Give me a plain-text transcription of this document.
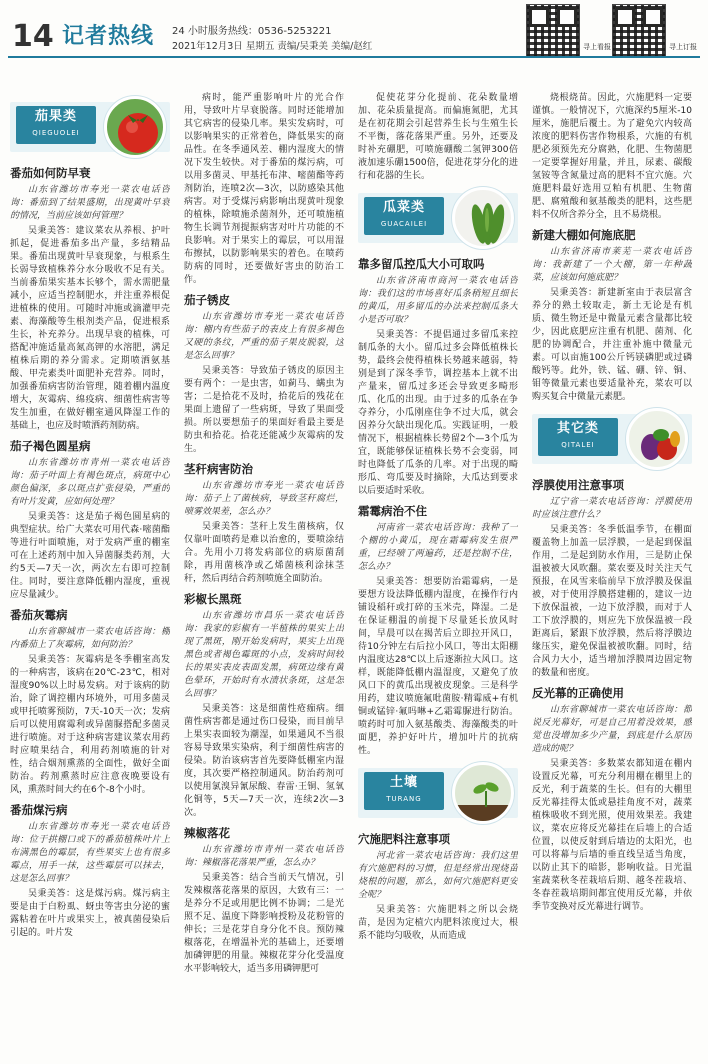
14 记者热线 24 小时服务热线：0536-5253221
2021年12月3日 星期五 责编/吴秉美 美编/赵红	寻上看报	寻上订报
茄果类
QIEGUOLEI
番茄如何防早衰

山东省潍坊市寿光一菜农电话咨询：番茄到了结果盛期，出现黄叶早衰的情况，当前应该如何管理？

吴秉美答：建议菜农从养根、护叶抓起，促进番茄多出产量，多结精品果。番茄出现黄叶早衰现象，与根系生长弱导致植株养分水分吸收不足有关。当前番茄果实基本长够个，需水需肥量减小，应适当控制肥水，并注重养根促进植株的使用。可随时冲施或滴灌甲壳素、海藻酸等生根剂类产品，促进根系生长，补充养分。出现早衰的植株，可搭配冲施适量高氮高钾的水溶肥，满足植株后期的养分需求。定期喷洒氨基酸、甲壳素类叶面肥补充营养。同时，加强番茄病害防治管理，随着棚内温度增大，灰霉病、绵疫病、细菌性病害等发生加重，在做好棚室通风降湿工作的基础上，也应及时喷洒药剂防病。

茄子褐色圆星病

山东省潍坊市青州一菜农电话咨询：茄子叶面上有褐色斑点，病斑中心颜色偏深，多以斑点扩张侵染，严重的有叶片发黄，应如何处理？

吴秉美答：这是茄子褐色圆星病的典型症状。给广大菜农可用代森·嘧菌酯等进行叶面喷施，对于发病严重的棚室可在上述药剂中加入异菌脲类药剂，大约5天—7天一次，两次左右即可控制住。同时，要注意降低棚内湿度，重视应尽量减少。

番茄灰霉病

山东省聊城市一菜农电话咨询：棚内番茄上了灰霉病，如何防治？

吴秉美答：灰霉病是冬季棚室高发的一种病害，该病在20℃-23℃，相对湿度90%以上时易发病。对于该病的防治，除了调控棚内环境外，可用多菌灵或甲托喷雾预防，7天-10天一次；发病后可以使用腐霉利或异菌脲搭配多菌灵进行喷施。对于这种病害建议菜农用药时应喷果结合，利用药剂喷施的针对性，结合烟剂熏蒸的全面性，做好全面防治。药剂熏蒸时应注意夜晚要设有风，熏蒸时间大约在6个-8个小时。

番茄煤污病

山东省潍坊市寿光一菜农电话咨询：位于拱棚口或下的番茄植株叶片上布满黑色的霉层，有些果实上也有很多霉点，用手一抹，这些霉层可以抹去，这是怎么回事？

吴秉美答：这是煤污病。煤污病主要是由于白粉虱、蚜虫等害虫分泌的蜜露粘着在叶片或果实上，被真菌侵染后引起的。叶片发

病时，能严重影响叶片的光合作用，导致叶片早衰脱落。同时还能增加其它病害的侵染几率。果实发病时，可以影响果实的正常着色，降低果实的商品性。在冬季通风差、棚内湿度大的情况下发生较快。对于番茄的煤污病，可以用多菌灵、甲基托布津、嘧菌酯等药剂防治，连喷2次—3次，以防感染其他病害。对于受煤污病影响出现黄叶现象的植株，除喷施杀菌剂外，还可喷施植物生长调节剂提振病害对叶片功能的不良影响。对于果实上的霉层，可以用湿布擦拭，以防影响果实的着色。在喷药防病的同时，还要做好害虫的防治工作。

茄子锈皮

山东省潍坊市寿光一菜农电话咨询：棚内有些茄子的表皮上有很多褐色又硬的条纹，严重的茄子果皮脱裂，这是怎么回事？

吴秉美答：导致茄子锈皮的原因主要有两个：一是虫害，如蓟马、螨虫为害；二是拾花不及时，拾花后的残花在果面上遗留了一些病斑，导致了果面受损。所以要想茄子的果面好看最主要是防虫和拾花。拾花还能减少灰霉病的发生。

茎秆病害防治

山东省潍坊市寿光一菜农电话咨询：茄子上了菌核病，导致茎秆腐烂，喷雾效果差，怎么办？

吴秉美答：茎秆上发生菌核病，仅仅靠叶面喷药是难以治愈的，要喷涂结合。先用小刀将发病部位的病原菌刮除，再用菌核净或乙烯菌核利涂抹茎秆，然后再结合药剂喷施全面防治。

彩椒长黑斑

山东省潍坊市昌乐一菜农电话咨询：我家的彩椒有一半植株的果实上出现了黑斑，刚开始发病时，果实上出现黑色或者褐色霉斑的小点，发病时间较长的果实表皮表面发黑，病斑边缘有黄色晕环，开始时有水渍状条斑，这是怎么回事？

吴秉美答：这是细菌性疮痂病。细菌性病害都是通过伤口侵染，而目前早上果实表面较为潮湿，如果通风不当很容易导致果实染病，利于细菌性病害的侵染。防治该病害首先要降低棚室内湿度，其次要严格控制通风。防治药剂可以使用氯溴异氰尿酸、春雷·王铜、氢氧化铜等，5天—7天一次，连续2次—3次。

辣椒落花

山东省潍坊市青州一菜农电话咨询：辣椒落花落果严重，怎么办？

吴秉美答：结合当前天气情况，引发辣椒落花落果的原因，大致有三：一是养分不足或用肥比例不协调；二是光照不足、温度下降影响授粉及花粉管的伸长；三是花芽自身分化不良。预防辣椒落花，在增温补光的基础上，还要增加磷钾肥的用量。辣椒花芽分化受温度水平影响较大，适当多用磷钾肥可

促使花芽分化提前、花朵数量增加、花朵质量提高。而偏施氮肥，尤其是在初花期会引起营养生长与生殖生长不平衡，落花落果严重。另外，还要及时补充硼肥，可喷施硼酸二氢钾300倍液加速乐硼1500倍，促进花芽分化的进行和花器的生长。

瓜菜类
GUACAILEI
靠多留瓜控瓜大小可取吗

山东省济南市商河一菜农电话咨询：我们这的市场喜好瓜条稍短且细长的黄瓜，用多留瓜的办法来控制瓜条大小是否可取？

吴秉美答：不提倡通过多留瓜来控制瓜条的大小。留瓜过多会降低植株长势，最终会使得植株长势越来越弱，特别是到了深冬季节，调控基本上就不出产量来，留瓜过多还会导致更多畸形瓜、化瓜的出现。由于过多的瓜条在争夺养分，小瓜刚座住争不过大瓜，就会因养分欠缺出现化瓜。实践证明，一般情况下，根据植株长势留2个—3个瓜为宜，既能够保证植株长势不会变弱，同时也降低了瓜条的几率。对于出现的畸形瓜、弯瓜要及时摘除，大瓜达到要求以后要适时采收。

霜霉病治不住

河南省一菜农电话咨询：我种了一个棚的小黄瓜，现在霜霉病发生很严重，已经喷了两遍药，还是控制不住，怎么办？

吴秉美答：想要防治霜霉病，一是要想方设法降低棚内湿度，在操作行内铺设稻秆或打碎的玉米壳，降湿。二是在保证棚温的前提下尽量延长放风时间，早晨可以在揭苦后立即拉开风口，待10分钟左右后拉小风口，等出太阳棚内温度达28℃以上后逐渐拉大风口。这样，既能降低棚内温湿度，又避免了放风口下的黄瓜出现被皮现象。三是科学用药，建议喷施氟吡菌胺·精霉威+有机铜或锰锌·氟吗啉+乙霜霉脲进行防治。喷药时可加入氨基酸类、海藻酸类的叶面肥，养护好叶片，增加叶片的抗病性。

土壤
TURANG
穴施肥料注意事项

河北省一菜农电话咨询：我们这里有穴施肥料的习惯，但是经常出现烧苗烧根的问题，那么，如何穴施肥料更安全呢？

吴秉美答：穴施肥料之所以会烧苗，是因为定植穴内肥料浓度过大，根系不能均匀吸收，从而造成

烧根烧苗。因此，穴施肥料一定要谨慎。一般情况下，穴施深约5厘米-10厘米，施肥后覆土。为了避免穴内较高浓度的肥料伤害作物根系，穴施的有机肥必须预先充分腐熟，化肥、生物菌肥一定要掌握好用量，并且，尿素、碳酸氢铵等含氮量过高的肥料不宜穴施。穴施肥料最好选用豆粕有机肥、生物菌肥、腐殖酸和氨基酸类的肥料，这些肥料不仅所含养分全，且不易烧根。

新建大棚如何施底肥

山东省济南市莱芜一菜农电话咨询：我新建了一个大棚，第一年种蔬菜，应该如何施底肥？

吴秉美答：新建新室由于表层富含养分的熟土较取走，新土无论是有机质、微生物还是中微量元素含量都比较少，因此底肥应注重有机肥、菌剂、化肥的协调配合，并注重补施中微量元素。可以亩施100公斤钙镁磷肥或过磷酸钙等。此外，铁、锰、硼、锌、铜、钼等微量元素也要适量补充，菜农可以购买复合中微量元素肥。

其它类
QITALEI
浮膜使用注意事项

辽宁省一菜农电话咨询：浮膜使用时应该注意什么？

吴秉美答：冬季低温季节，在棚面覆盖物上加盖一层浮膜，一是起到保温作用，二是起到防水作用，三是防止保温被被大风吹翻。菜农要及时关注天气预报，在风雪来临前早下放浮膜及保温被，对于使用浮膜搭建棚的，建议一边下放保温被，一边下放浮膜，而对于人工下放浮膜的，则应先下放保温被一段距离后，紧跟下放浮膜，然后将浮膜边缘压实，避免保温被被吹翻。同时，结合风力大小，适当增加浮膜周边固定物的数量和密度。

反光幕的正确使用

山东省聊城市一菜农电话咨询：都说反光幕好，可是自己用着没效果，感觉也没增加多少产量，到底是什么原因造成的呢？

吴秉美答：多数菜农都知道在棚内设置反光幕，可充分利用棚在棚里上的反光，利于蔬菜的生长。但有的大棚里反光幕挂得太低或悬挂角度不对，蔬菜植株吸收不到光照，使用效果差。我建议，菜农应将反光幕挂在后墙上的合适位置，以使反射到后墙边的太阳光，也可以将幕与后墙的垂直线呈适当角度，以防止其下的暗影，影响收益。日光温室蔬菜秋冬茬栽培后期、越冬茬栽培、冬春茬栽培期间都宜使用反光幕，并依季节变换对反光幕进行调节。
